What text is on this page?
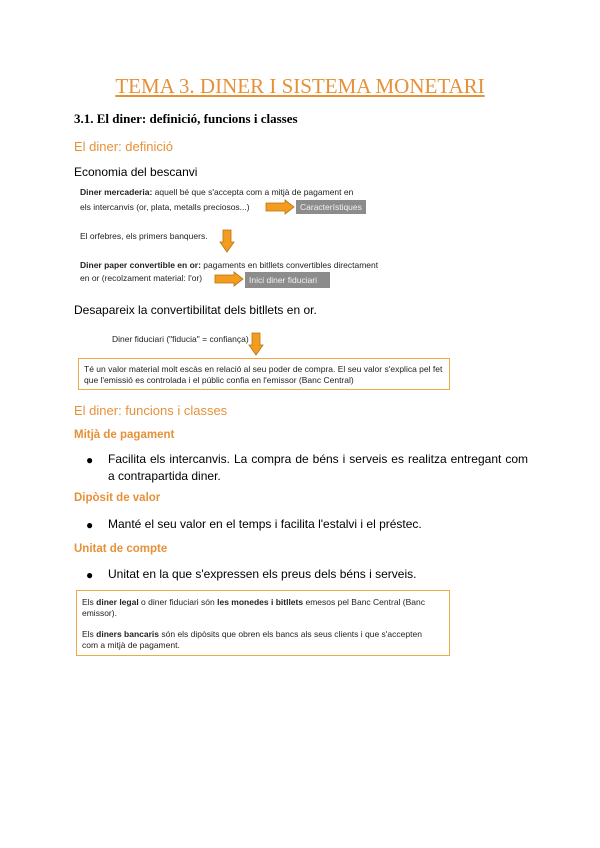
TEMA 3. DINER I SISTEMA MONETARI
3.1. El diner: definició, funcions i classes
El diner: definició
Economia del bescanvi
Diner mercaderia: aquell bé que s'accepta com a mitjà de pagament en
els intercanvis (or, plata, metalls preciosos...)	Característiques
El orfebres, els primers banquers.
Diner paper convertible en or: pagaments en bitllets convertibles directament
en or (recolzament material: l'or)	Inici diner fiduciari
Desapareix la convertibilitat dels bitllets en or.
Diner fiduciari ("fiducia" = confiança)
Té un valor material molt escàs en relació al seu poder de compra. El seu valor s'explica pel fet
que l'emissió es controlada i el públic confia en l'emissor (Banc Central)
El diner: funcions i classes
Mitjà de pagament
● Facilita els intercanvis. La compra de béns i serveis es realitza entregant com a contrapartida diner.
Dipòsit de valor
● Manté el seu valor en el temps i facilita l'estalvi i el préstec.
Unitat de compte
● Unitat en la que s'expressen els preus dels béns i serveis.
Els diner legal o diner fiduciari són les monedes i bitllets emesos pel Banc Central (Banc
emissor).
Els diners bancaris són els dipòsits que obren els bancs als seus clients i que s'accepten
com a mitjà de pagament.
